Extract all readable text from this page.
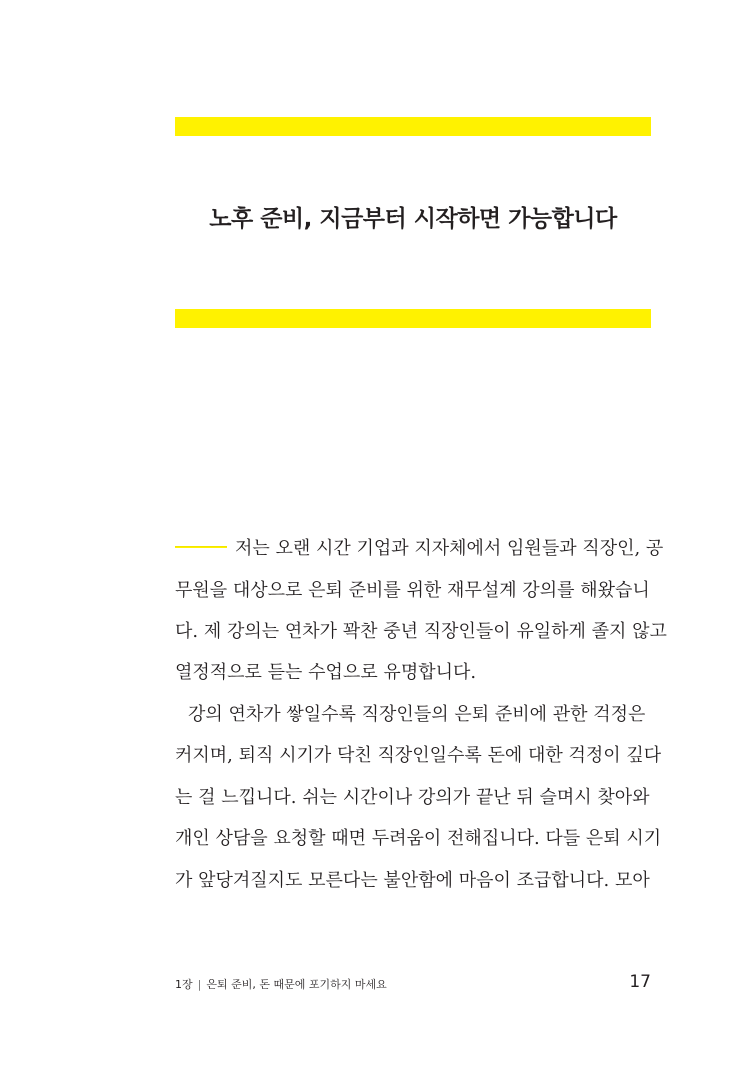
노후 준비, 지금부터 시작하면 가능합니다
저는 오랜 시간 기업과 지자체에서 임원들과 직장인, 공
무원을 대상으로 은퇴 준비를 위한 재무설계 강의를 해왔습니
다. 제 강의는 연차가 꽉찬 중년 직장인들이 유일하게 졸지 않고
열정적으로 듣는 수업으로 유명합니다.
강의 연차가 쌓일수록 직장인들의 은퇴 준비에 관한 걱정은
커지며, 퇴직 시기가 닥친 직장인일수록 돈에 대한 걱정이 깊다
는 걸 느낍니다. 쉬는 시간이나 강의가 끝난 뒤 슬며시 찾아와
개인 상담을 요청할 때면 두려움이 전해집니다. 다들 은퇴 시기
가 앞당겨질지도 모른다는 불안함에 마음이 조급합니다. 모아
1장 | 은퇴 준비, 돈 때문에 포기하지 마세요	17
